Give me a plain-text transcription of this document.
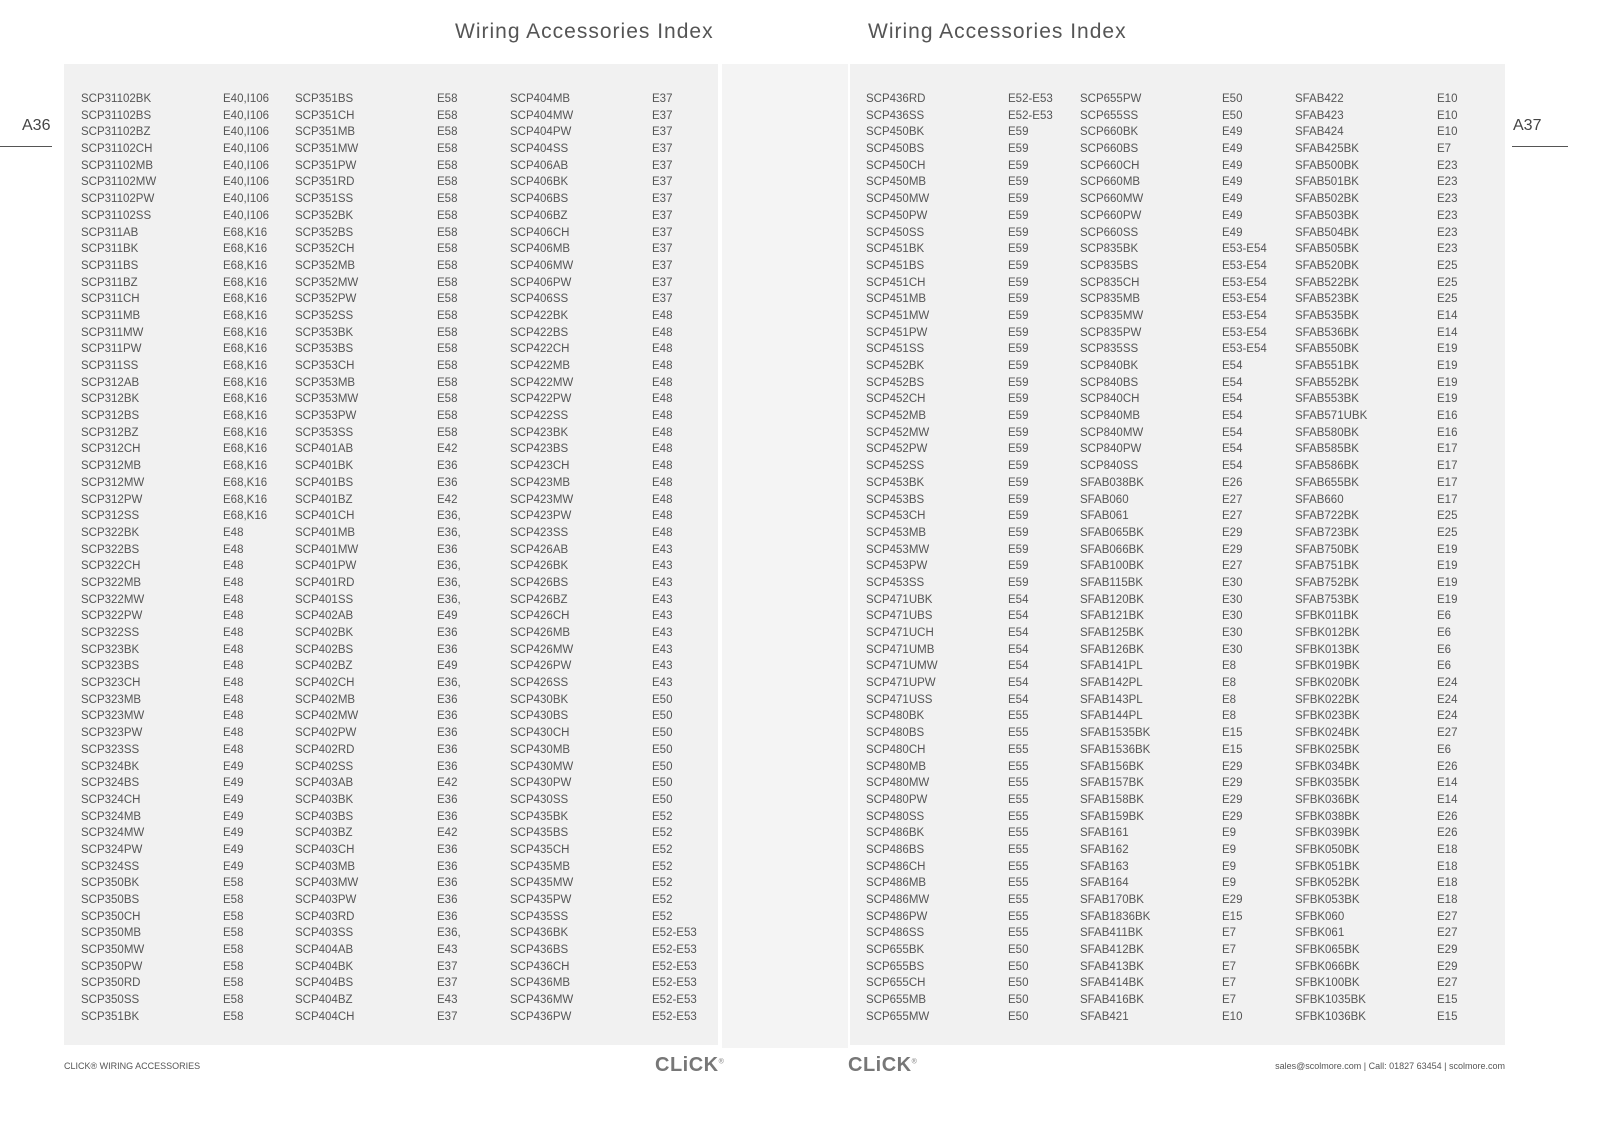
Wiring Accessories Index	Wiring Accessories Index
A36	A37
SCP31102BK	E40,I106
SCP31102BS	E40,I106
SCP31102BZ	E40,I106
SCP31102CH	E40,I106
SCP31102MB	E40,I106
SCP31102MW	E40,I106
SCP31102PW	E40,I106
SCP31102SS	E40,I106
SCP311AB	E68,K16
SCP311BK	E68,K16
SCP311BS	E68,K16
SCP311BZ	E68,K16
SCP311CH	E68,K16
SCP311MB	E68,K16
SCP311MW	E68,K16
SCP311PW	E68,K16
SCP311SS	E68,K16
SCP312AB	E68,K16
SCP312BK	E68,K16
SCP312BS	E68,K16
SCP312BZ	E68,K16
SCP312CH	E68,K16
SCP312MB	E68,K16
SCP312MW	E68,K16
SCP312PW	E68,K16
SCP312SS	E68,K16
SCP322BK	E48
SCP322BS	E48
SCP322CH	E48
SCP322MB	E48
SCP322MW	E48
SCP322PW	E48
SCP322SS	E48
SCP323BK	E48
SCP323BS	E48
SCP323CH	E48
SCP323MB	E48
SCP323MW	E48
SCP323PW	E48
SCP323SS	E48
SCP324BK	E49
SCP324BS	E49
SCP324CH	E49
SCP324MB	E49
SCP324MW	E49
SCP324PW	E49
SCP324SS	E49
SCP350BK	E58
SCP350BS	E58
SCP350CH	E58
SCP350MB	E58
SCP350MW	E58
SCP350PW	E58
SCP350RD	E58
SCP350SS	E58
SCP351BK	E58
SCP351BS	E58
SCP351CH	E58
SCP351MB	E58
SCP351MW	E58
SCP351PW	E58
SCP351RD	E58
SCP351SS	E58
SCP352BK	E58
SCP352BS	E58
SCP352CH	E58
SCP352MB	E58
SCP352MW	E58
SCP352PW	E58
SCP352SS	E58
SCP353BK	E58
SCP353BS	E58
SCP353CH	E58
SCP353MB	E58
SCP353MW	E58
SCP353PW	E58
SCP353SS	E58
SCP401AB	E42
SCP401BK	E36
SCP401BS	E36
SCP401BZ	E42
SCP401CH	E36,
SCP401MB	E36,
SCP401MW	E36
SCP401PW	E36,
SCP401RD	E36,
SCP401SS	E36,
SCP402AB	E49
SCP402BK	E36
SCP402BS	E36
SCP402BZ	E49
SCP402CH	E36,
SCP402MB	E36
SCP402MW	E36
SCP402PW	E36
SCP402RD	E36
SCP402SS	E36
SCP403AB	E42
SCP403BK	E36
SCP403BS	E36
SCP403BZ	E42
SCP403CH	E36
SCP403MB	E36
SCP403MW	E36
SCP403PW	E36
SCP403RD	E36
SCP403SS	E36,
SCP404AB	E43
SCP404BK	E37
SCP404BS	E37
SCP404BZ	E43
SCP404CH	E37
SCP404MB	E37
SCP404MW	E37
SCP404PW	E37
SCP404SS	E37
SCP406AB	E37
SCP406BK	E37
SCP406BS	E37
SCP406BZ	E37
SCP406CH	E37
SCP406MB	E37
SCP406MW	E37
SCP406PW	E37
SCP406SS	E37
SCP422BK	E48
SCP422BS	E48
SCP422CH	E48
SCP422MB	E48
SCP422MW	E48
SCP422PW	E48
SCP422SS	E48
SCP423BK	E48
SCP423BS	E48
SCP423CH	E48
SCP423MB	E48
SCP423MW	E48
SCP423PW	E48
SCP423SS	E48
SCP426AB	E43
SCP426BK	E43
SCP426BS	E43
SCP426BZ	E43
SCP426CH	E43
SCP426MB	E43
SCP426MW	E43
SCP426PW	E43
SCP426SS	E43
SCP430BK	E50
SCP430BS	E50
SCP430CH	E50
SCP430MB	E50
SCP430MW	E50
SCP430PW	E50
SCP430SS	E50
SCP435BK	E52
SCP435BS	E52
SCP435CH	E52
SCP435MB	E52
SCP435MW	E52
SCP435PW	E52
SCP435SS	E52
SCP436BK	E52-E53
SCP436BS	E52-E53
SCP436CH	E52-E53
SCP436MB	E52-E53
SCP436MW	E52-E53
SCP436PW	E52-E53
SCP436RD	E52-E53
SCP436SS	E52-E53
SCP450BK	E59
SCP450BS	E59
SCP450CH	E59
SCP450MB	E59
SCP450MW	E59
SCP450PW	E59
SCP450SS	E59
SCP451BK	E59
SCP451BS	E59
SCP451CH	E59
SCP451MB	E59
SCP451MW	E59
SCP451PW	E59
SCP451SS	E59
SCP452BK	E59
SCP452BS	E59
SCP452CH	E59
SCP452MB	E59
SCP452MW	E59
SCP452PW	E59
SCP452SS	E59
SCP453BK	E59
SCP453BS	E59
SCP453CH	E59
SCP453MB	E59
SCP453MW	E59
SCP453PW	E59
SCP453SS	E59
SCP471UBK	E54
SCP471UBS	E54
SCP471UCH	E54
SCP471UMB	E54
SCP471UMW	E54
SCP471UPW	E54
SCP471USS	E54
SCP480BK	E55
SCP480BS	E55
SCP480CH	E55
SCP480MB	E55
SCP480MW	E55
SCP480PW	E55
SCP480SS	E55
SCP486BK	E55
SCP486BS	E55
SCP486CH	E55
SCP486MB	E55
SCP486MW	E55
SCP486PW	E55
SCP486SS	E55
SCP655BK	E50
SCP655BS	E50
SCP655CH	E50
SCP655MB	E50
SCP655MW	E50
SCP655PW	E50
SCP655SS	E50
SCP660BK	E49
SCP660BS	E49
SCP660CH	E49
SCP660MB	E49
SCP660MW	E49
SCP660PW	E49
SCP660SS	E49
SCP835BK	E53-E54
SCP835BS	E53-E54
SCP835CH	E53-E54
SCP835MB	E53-E54
SCP835MW	E53-E54
SCP835PW	E53-E54
SCP835SS	E53-E54
SCP840BK	E54
SCP840BS	E54
SCP840CH	E54
SCP840MB	E54
SCP840MW	E54
SCP840PW	E54
SCP840SS	E54
SFAB038BK	E26
SFAB060	E27
SFAB061	E27
SFAB065BK	E29
SFAB066BK	E29
SFAB100BK	E27
SFAB115BK	E30
SFAB120BK	E30
SFAB121BK	E30
SFAB125BK	E30
SFAB126BK	E30
SFAB141PL	E8
SFAB142PL	E8
SFAB143PL	E8
SFAB144PL	E8
SFAB1535BK	E15
SFAB1536BK	E15
SFAB156BK	E29
SFAB157BK	E29
SFAB158BK	E29
SFAB159BK	E29
SFAB161	E9
SFAB162	E9
SFAB163	E9
SFAB164	E9
SFAB170BK	E29
SFAB1836BK	E15
SFAB411BK	E7
SFAB412BK	E7
SFAB413BK	E7
SFAB414BK	E7
SFAB416BK	E7
SFAB421	E10
SFAB422	E10
SFAB423	E10
SFAB424	E10
SFAB425BK	E7
SFAB500BK	E23
SFAB501BK	E23
SFAB502BK	E23
SFAB503BK	E23
SFAB504BK	E23
SFAB505BK	E23
SFAB520BK	E25
SFAB522BK	E25
SFAB523BK	E25
SFAB535BK	E14
SFAB536BK	E14
SFAB550BK	E19
SFAB551BK	E19
SFAB552BK	E19
SFAB553BK	E19
SFAB571UBK	E16
SFAB580BK	E16
SFAB585BK	E17
SFAB586BK	E17
SFAB655BK	E17
SFAB660	E17
SFAB722BK	E25
SFAB723BK	E25
SFAB750BK	E19
SFAB751BK	E19
SFAB752BK	E19
SFAB753BK	E19
SFBK011BK	E6
SFBK012BK	E6
SFBK013BK	E6
SFBK019BK	E6
SFBK020BK	E24
SFBK022BK	E24
SFBK023BK	E24
SFBK024BK	E27
SFBK025BK	E6
SFBK034BK	E26
SFBK035BK	E14
SFBK036BK	E14
SFBK038BK	E26
SFBK039BK	E26
SFBK050BK	E18
SFBK051BK	E18
SFBK052BK	E18
SFBK053BK	E18
SFBK060	E27
SFBK061	E27
SFBK065BK	E29
SFBK066BK	E29
SFBK100BK	E27
SFBK1035BK	E15
SFBK1036BK	E15
CLICK® WIRING ACCESSORIES	CLiCK®	CLiCK®	sales@scolmore.com | Call: 01827 63454 | scolmore.com
